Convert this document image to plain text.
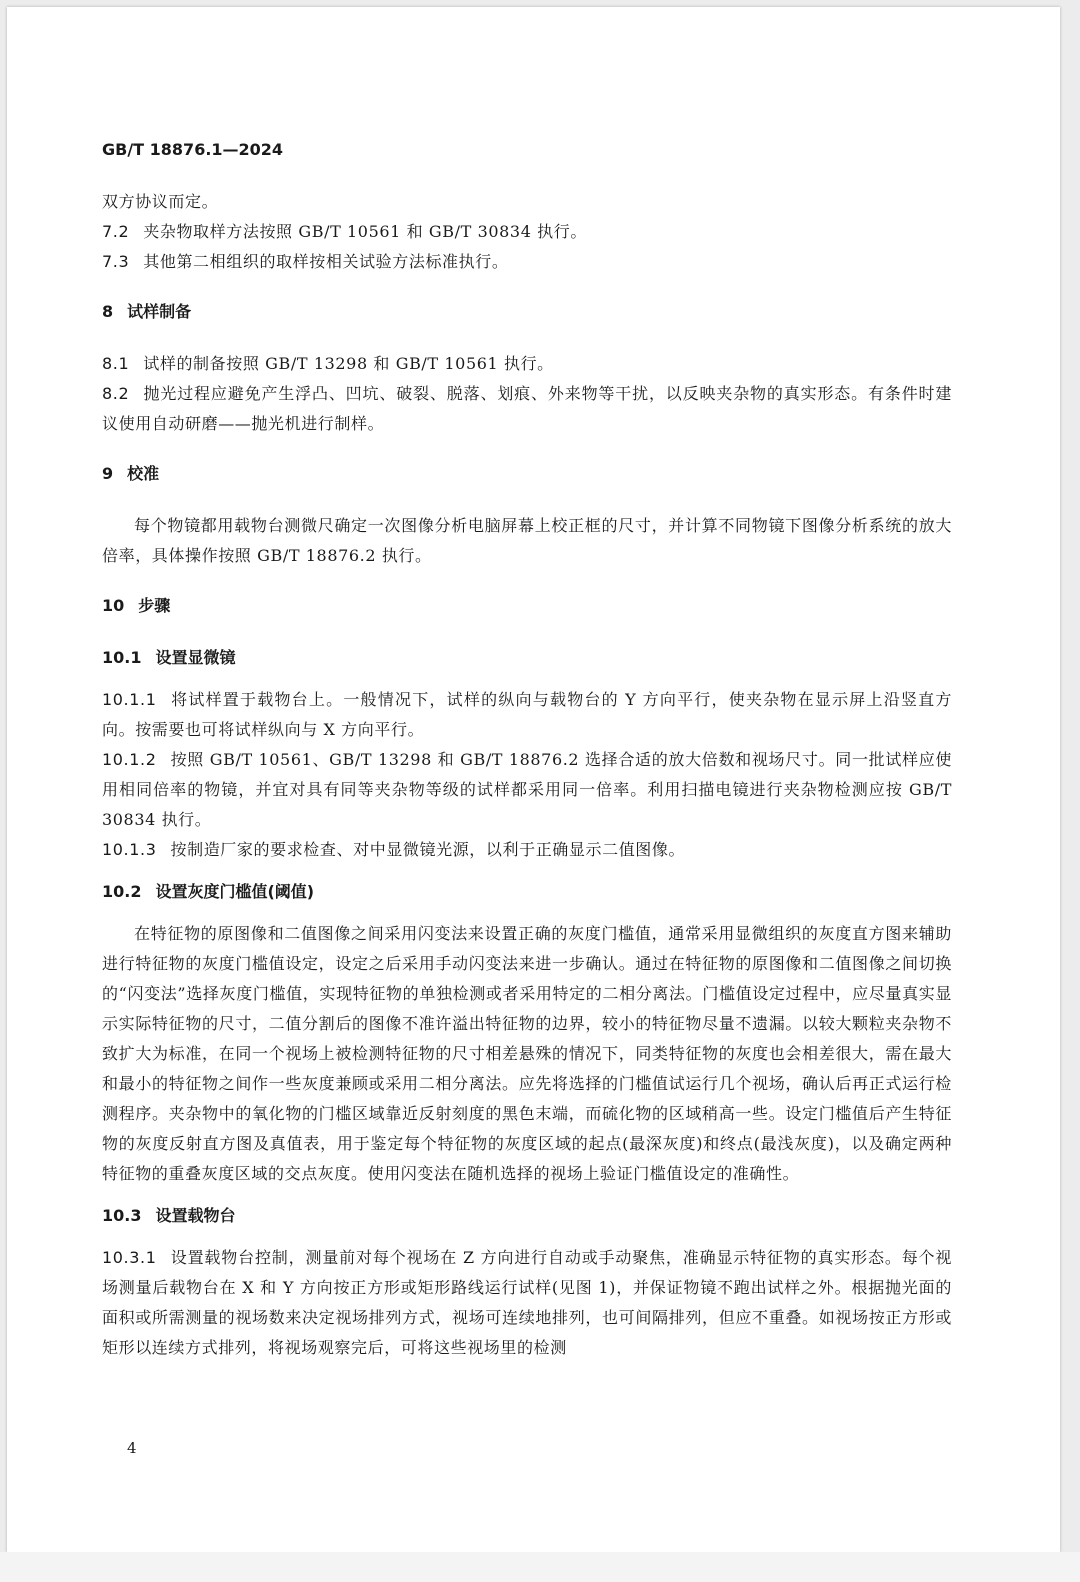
GB/T 18876.1—2024

双方协议而定。

7.2 夹杂物取样方法按照 GB/T 10561 和 GB/T 30834 执行。

7.3 其他第二相组织的取样按相关试验方法标准执行。

8 试样制备

8.1 试样的制备按照 GB/T 13298 和 GB/T 10561 执行。

8.2 抛光过程应避免产生浮凸、凹坑、破裂、脱落、划痕、外来物等干扰，以反映夹杂物的真实形态。有条件时建议使用自动研磨——抛光机进行制样。

9 校准

每个物镜都用载物台测微尺确定一次图像分析电脑屏幕上校正框的尺寸，并计算不同物镜下图像分析系统的放大倍率，具体操作按照 GB/T 18876.2 执行。

10 步骤
10.1 设置显微镜

10.1.1 将试样置于载物台上。一般情况下，试样的纵向与载物台的 Y 方向平行，使夹杂物在显示屏上沿竖直方向。按需要也可将试样纵向与 X 方向平行。

10.1.2 按照 GB/T 10561、GB/T 13298 和 GB/T 18876.2 选择合适的放大倍数和视场尺寸。同一批试样应使用相同倍率的物镜，并宜对具有同等夹杂物等级的试样都采用同一倍率。利用扫描电镜进行夹杂物检测应按 GB/T 30834 执行。

10.1.3 按制造厂家的要求检查、对中显微镜光源，以利于正确显示二值图像。

10.2 设置灰度门槛值(阈值)

在特征物的原图像和二值图像之间采用闪变法来设置正确的灰度门槛值，通常采用显微组织的灰度直方图来辅助进行特征物的灰度门槛值设定，设定之后采用手动闪变法来进一步确认。通过在特征物的原图像和二值图像之间切换的“闪变法”选择灰度门槛值，实现特征物的单独检测或者采用特定的二相分离法。门槛值设定过程中，应尽量真实显示实际特征物的尺寸，二值分割后的图像不准许溢出特征物的边界，较小的特征物尽量不遗漏。以较大颗粒夹杂物不致扩大为标准，在同一个视场上被检测特征物的尺寸相差悬殊的情况下，同类特征物的灰度也会相差很大，需在最大和最小的特征物之间作一些灰度兼顾或采用二相分离法。应先将选择的门槛值试运行几个视场，确认后再正式运行检测程序。夹杂物中的氧化物的门槛区域靠近反射刻度的黑色末端，而硫化物的区域稍高一些。设定门槛值后产生特征物的灰度反射直方图及真值表，用于鉴定每个特征物的灰度区域的起点(最深灰度)和终点(最浅灰度)，以及确定两种特征物的重叠灰度区域的交点灰度。使用闪变法在随机选择的视场上验证门槛值设定的准确性。

10.3 设置载物台

10.3.1 设置载物台控制，测量前对每个视场在 Z 方向进行自动或手动聚焦，准确显示特征物的真实形态。每个视场测量后载物台在 X 和 Y 方向按正方形或矩形路线运行试样(见图 1)，并保证物镜不跑出试样之外。根据抛光面的面积或所需测量的视场数来决定视场排列方式，视场可连续地排列，也可间隔排列，但应不重叠。如视场按正方形或矩形以连续方式排列，将视场观察完后，可将这些视场里的检测

4
